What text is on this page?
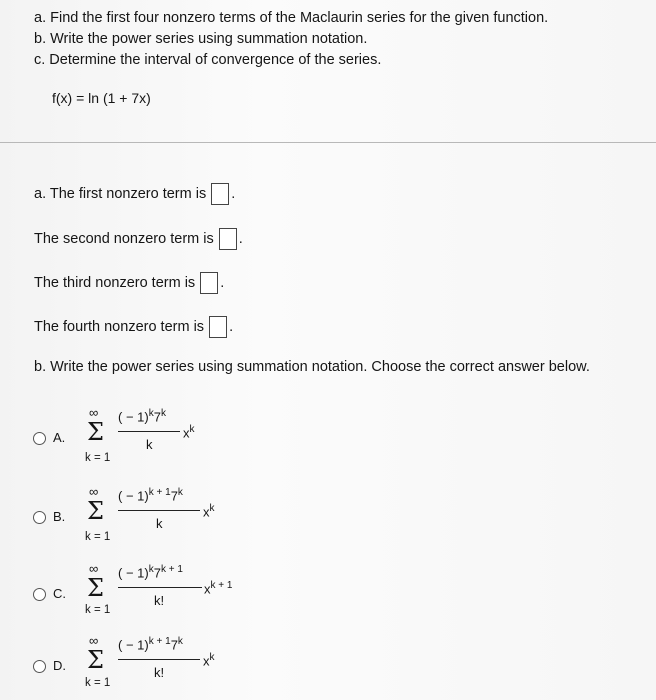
a. Find the first four nonzero terms of the Maclaurin series for the given function.
b. Write the power series using summation notation.
c. Determine the interval of convergence of the series.
f(x) = ln (1 + 7x)
a. The first nonzero term is .
The second nonzero term is .
The third nonzero term is .
The fourth nonzero term is .
b. Write the power series using summation notation. Choose the correct answer below.
A.
∞
Σ
k = 1
( − $1)^k7^k$
k
$x^k$
B.
∞
Σ
k = 1
( − $1)^{k + 1}7^k$
k
$x^k$
C.
∞
Σ
k = 1
( − $1)^k7^{k + 1}$
k!
$x^{k + 1}$
D.
∞
Σ
k = 1
( − $1)^{k + 1}7^k$
k!
$x^k$
